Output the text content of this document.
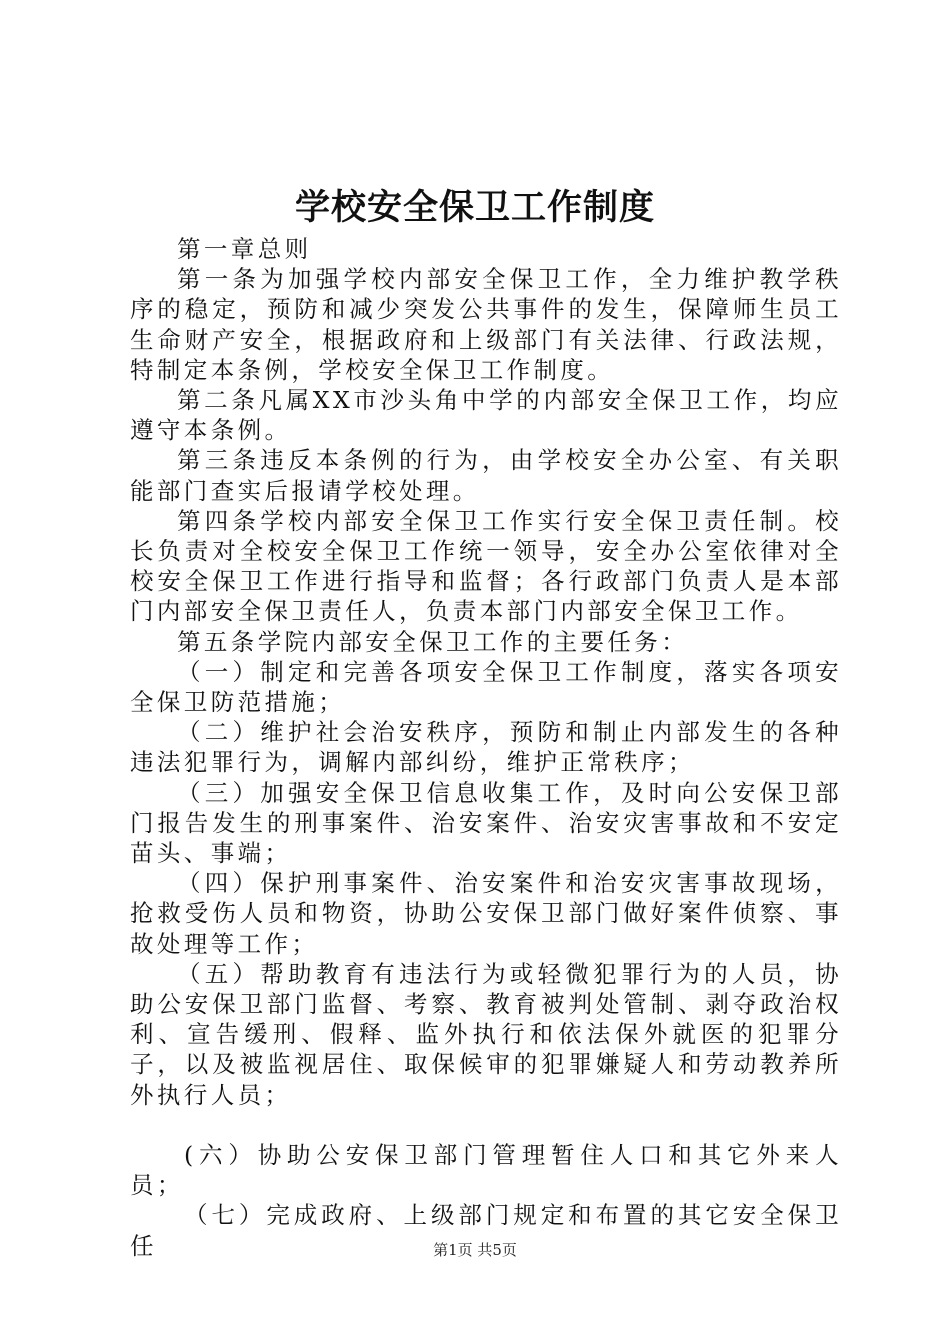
学校安全保卫工作制度

第一章总则

第一条为加强学校内部安全保卫工作，全力维护教学秩序的稳定，预防和减少突发公共事件的发生，保障师生员工生命财产安全，根据政府和上级部门有关法律、行政法规，特制定本条例，学校安全保卫工作制度。

第二条凡属XX市沙头角中学的内部安全保卫工作，均应遵守本条例。

第三条违反本条例的行为，由学校安全办公室、有关职能部门查实后报请学校处理。

第四条学校内部安全保卫工作实行安全保卫责任制。校长负责对全校安全保卫工作统一领导，安全办公室依律对全校安全保卫工作进行指导和监督；各行政部门负责人是本部门内部安全保卫责任人，负责本部门内部安全保卫工作。

第五条学院内部安全保卫工作的主要任务：

（一）制定和完善各项安全保卫工作制度，落实各项安全保卫防范措施；

（二）维护社会治安秩序，预防和制止内部发生的各种违法犯罪行为，调解内部纠纷，维护正常秩序；

（三）加强安全保卫信息收集工作，及时向公安保卫部门报告发生的刑事案件、治安案件、治安灾害事故和不安定苗头、事端；

（四）保护刑事案件、治安案件和治安灾害事故现场，抢救受伤人员和物资，协助公安保卫部门做好案件侦察、事故处理等工作；

（五）帮助教育有违法行为或轻微犯罪行为的人员，协助公安保卫部门监督、考察、教育被判处管制、剥夺政治权利、宣告缓刑、假释、监外执行和依法保外就医的犯罪分子，以及被监视居住、取保候审的犯罪嫌疑人和劳动教养所外执行人员；

(六）协助公安保卫部门管理暂住人口和其它外来人员；

（七）完成政府、上级部门规定和布置的其它安全保卫任	第1页 共5页
